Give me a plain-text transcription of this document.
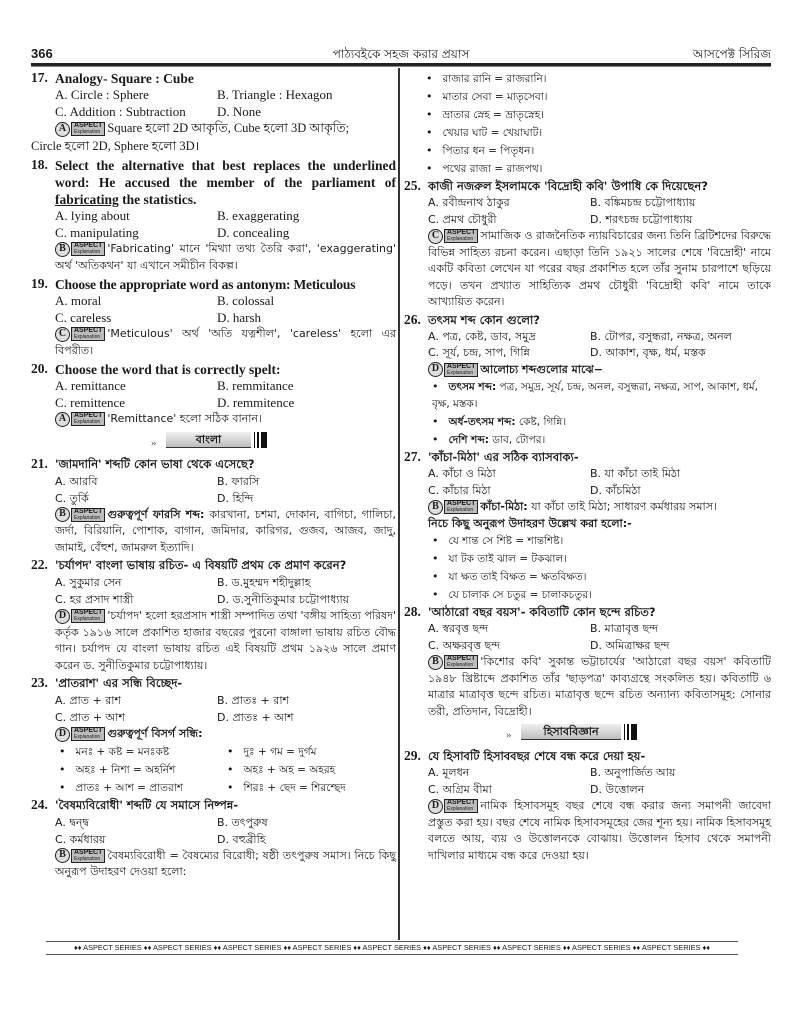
366	পাঠ্যবইকে সহজ করার প্রয়াস	আসপেক্ট সিরিজ
17. Analogy- Square : Cube
A. Circle : Sphere	B. Triangle : Hexagon
C. Addition : Subtraction	D. None
A	ASPECT
Explanation Square হলো 2D আকৃতি, Cube হলো 3D আকৃতি;
Circle হলো 2D, Sphere হলো 3D।
18. Select the alternative that best replaces the underlined word: He accused the member of the parliament of fabricating the statistics.
A. lying about	B. exaggerating
C. manipulating	D. concealing
B	ASPECT
Explanation 'Fabricating' মানে 'মিথ্যা তথ্য তৈরি করা', 'exaggerating' অর্থ 'অতিকথন' যা এখানে সমীচীন বিকল্প।
19. Choose the appropriate word as antonym: Meticulous
A. moral	B. colossal
C. careless	D. harsh
C	ASPECT
Explanation 'Meticulous' অর্থ 'অতি যত্নশীল', 'careless' হলো এর বিপরীত।
20. Choose the word that is correctly spelt:
A. remittance	B. remmitance
C. remittence	D. remmitence
A	ASPECT
Explanation 'Remittance' হলো সঠিক বানান।
»	বাংলা
21. 'জামদানি' শব্দটি কোন ভাষা থেকে এসেছে?
A. আরবি	B. ফারসি
C. তুর্কি	D. হিন্দি
B	ASPECT
Explanation গুরুত্বপূর্ণ ফারসি শব্দ: কারখানা, চশমা, দোকান, বাগিচা, গালিচা, জর্দা, বিরিয়ানি, পোশাক, বাগান, জমিদার, কারিগর, গুজব, আজব, জাদু, জামাই, বেঁহুশ, জামরুল ইত্যাদি।
22. 'চর্যাপদ' বাংলা ভাষায় রচিত- এ বিষয়টি প্রথম কে প্রমাণ করেন?
A. সুকুমার সেন	B. ড.মুহম্মদ শহীদুল্লাহ
C. হর প্রসাদ শাস্ত্রী	D. ড.সুনীতিকুমার চট্টোপাধ্যায়
D	ASPECT
Explanation 'চর্যাপদ' হলো হরপ্রসাদ শাস্ত্রী সম্পাদিত তথা 'বঙ্গীয় সাহিত্য পরিষদ' কর্তৃক ১৯১৬ সালে প্রকাশিত হাজার বছরের পুরনো বাঙ্গালা ভাষায় রচিত বৌদ্ধ গান। চর্যাপদ যে বাংলা ভাষায় রচিত এই বিষয়টি প্রথম ১৯২৬ সালে প্রমাণ করেন ড. সুনীতিকুমার চট্টোপাধ্যায়।
23. 'প্রাতরাশ' এর সন্ধি বিচ্ছেদ-
A. প্রাত + রাশ	B. প্রাতঃ + রাশ
C. প্রাত + আশ	D. প্রাতঃ + আশ
D	ASPECT
Explanation গুরুত্বপূর্ণ বিসর্গ সন্ধি:
• মনঃ + কষ্ট = মনঃকষ্ট	• দুঃ + গম = দুর্গম
• অহঃ + নিশা = অহর্নিশ	• অহঃ + অহ = অহরহ
• প্রাতঃ + আশ = প্রাতরাশ	• শিরঃ + ছেদ = শিরশ্ছেদ
24. 'বৈষম্যবিরোধী' শব্দটি যে সমাসে নিষ্পন্ন-
A. দ্বন্দ্ব	B. তৎপুরুষ
C. কর্মধারয়	D. বহুব্রীহি
B	ASPECT
Explanation বৈষম্যবিরোধী = বৈষম্যের বিরোধী; ষষ্ঠী তৎপুরুষ সমাস। নিচে কিছু অনুরূপ উদাহরণ দেওয়া হলো:
• রাজার রানি = রাজরানি।
• মাতার সেবা = মাতৃসেবা।
• ভ্রাতার স্নেহ = ভ্রাতৃস্নেহ।
• খেয়ার ঘাট = খেয়াঘাট।
• পিতার ধন = পিতৃধন।
• পথের রাজা = রাজপথ।
25. কাজী নজরুল ইসলামকে 'বিদ্রোহী কবি' উপাধি কে দিয়েছেন?
A. রবীন্দ্রনাথ ঠাকুর	B. বঙ্কিমচন্দ্র চট্টোপাধ্যায়
C. প্রমথ চৌধুরী	D. শরৎচন্দ্র চট্টোপাধ্যায়
C	ASPECT
Explanation সামাজিক ও রাজনৈতিক ন্যায়বিচারের জন্য তিনি ব্রিটিশদের বিরুদ্ধে বিভিন্ন সাহিত্য রচনা করেন। এছাড়া তিনি ১৯২১ সালের শেষে 'বিদ্রোহী' নামে একটি কবিতা লেখেন যা পরের বছর প্রকাশিত হলে তাঁর সুনাম চারপাশে ছড়িয়ে পড়ে। তখন প্রখ্যাত সাহিত্যিক প্রমথ চৌধুরী 'বিদ্রোহী কবি' নামে তাকে আখ্যায়িত করেন।
26. তৎসম শব্দ কোন গুলো?
A. পত্র, কেষ্ট, ডাব, সমুদ্র	B. টোপর, বসুন্ধরা, নক্ষত্র, অনল
C. সূর্য, চন্দ্র, সাপ, গিন্নি	D. আকাশ, বৃক্ষ, ধর্ম, মস্তক
D	ASPECT
Explanation আলোচ্য শব্দগুলোর মাঝে−
• তৎসম শব্দ: পত্র, সমুদ্র, সূর্য, চন্দ্র, অনল, বসুন্ধরা, নক্ষত্র, সাপ, আকাশ, ধর্ম, বৃক্ষ, মস্তক।
• অর্ধ-তৎসম শব্দ: কেষ্ট, গিন্নি।
• দেশি শব্দ: ডাব, টোপর।
27. 'কাঁচা-মিঠা' এর সঠিক ব্যাসবাক্য-
A. কাঁচা ও মিঠা	B. যা কাঁচা তাই মিঠা
C. কাঁচার মিঠা	D. কাঁচমিঠা
B	ASPECT
Explanation কাঁচা-মিঠা: যা কাঁচা তাই মিঠা; সাধারণ কর্মধারয় সমাস।
নিচে কিছু অনুরূপ উদাহরণ উল্লেখ করা হলো:-
• যে শান্ত সে শিষ্ট = শান্তশিষ্ট।
• যা টক তাই ঝাল = টকঝাল।
• যা ক্ষত তাই বিক্ষত = ক্ষতবিক্ষত।
• যে চালাক সে চতুর = চালাকচতুর।
28. 'আঠারো বছর বয়স'- কবিতাটি কোন ছন্দে রচিত?
A. স্বরবৃত্ত ছন্দ	B. মাত্রাবৃত্ত ছন্দ
C. অক্ষরবৃত্ত ছন্দ	D. অমিত্রাক্ষর ছন্দ
B	ASPECT
Explanation 'কিশোর কবি' সুকান্ত ভট্টাচার্যের 'আঠারো বছর বয়স' কবিতাটি ১৯৪৮ খ্রিষ্টাব্দে প্রকাশিত তাঁর 'ছাড়পত্র' কাব্যগ্রন্থে সংকলিত হয়। কবিতাটি ৬ মাত্রার মাত্রাবৃত্ত ছন্দে রচিত। মাত্রাবৃত্ত ছন্দে রচিত অন্যান্য কবিতাসমূহ: সোনার তরী, প্রতিদান, বিদ্রোহী।
»	হিসাববিজ্ঞান
29. যে হিসাবটি হিসাববছর শেষে বন্ধ করে দেয়া হয়-
A. মূলধন	B. অনুপার্জিত আয়
C. অগ্রিম বীমা	D. উত্তোলন
D	ASPECT
Explanation নামিক হিসাবসমূহ বছর শেষে বন্ধ করার জন্য সমাপনী জাবেদা প্রস্তুত করা হয়। বছর শেষে নামিক হিসাবসমূহের জের শূন্য হয়। নামিক হিসাবসমূহ বলতে আয়, ব্যয় ও উত্তোলনকে বোঝায়। উত্তোলন হিসাব থেকে সমাপনী দাখিলার মাধ্যমে বন্ধ করে দেওয়া হয়।
♦♦ ASPECT SERIES ♦♦ ASPECT SERIES ♦♦ ASPECT SERIES ♦♦ ASPECT SERIES ♦♦ ASPECT SERIES ♦♦ ASPECT SERIES ♦♦ ASPECT SERIES ♦♦ ASPECT SERIES ♦♦ ASPECT SERIES ♦♦
